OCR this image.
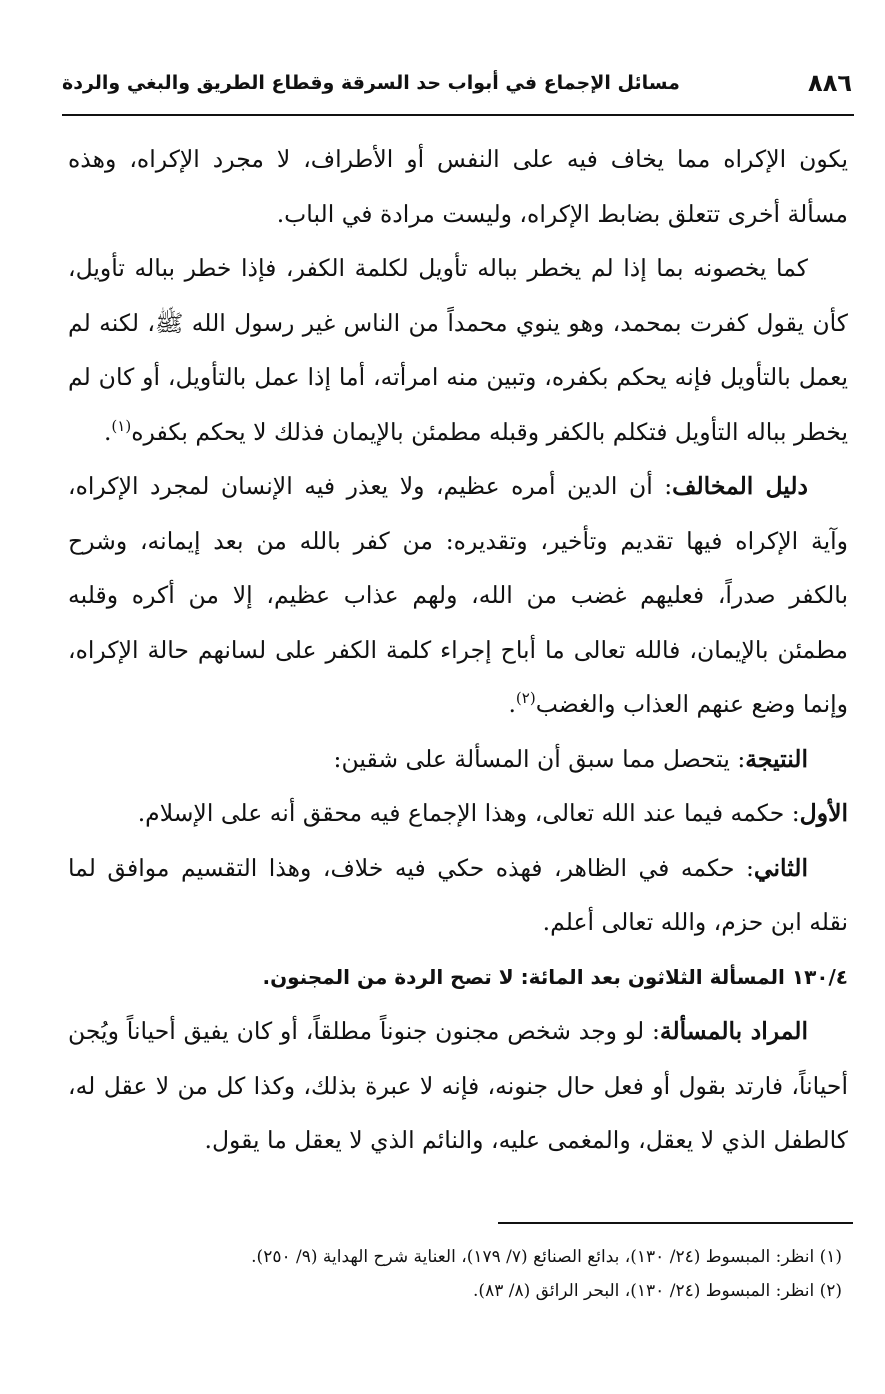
٨٨٦
مسائل الإجماع في أبواب حد السرقة وقطاع الطريق والبغي والردة

يكون الإكراه مما يخاف فيه على النفس أو الأطراف، لا مجرد الإكراه، وهذه مسألة أخرى تتعلق بضابط الإكراه، وليست مرادة في الباب.

كما يخصونه بما إذا لم يخطر بباله تأويل لكلمة الكفر، فإذا خطر بباله تأويل، كأن يقول كفرت بمحمد، وهو ينوي محمداً من الناس غير رسول الله ﷺ، لكنه لم يعمل بالتأويل فإنه يحكم بكفره، وتبين منه امرأته، أما إذا عمل بالتأويل، أو كان لم يخطر بباله التأويل فتكلم بالكفر وقبله مطمئن بالإيمان فذلك لا يحكم بكفره$^{(١)}$.

دليل المخالف: أن الدين أمره عظيم، ولا يعذر فيه الإنسان لمجرد الإكراه، وآية الإكراه فيها تقديم وتأخير، وتقديره: من كفر بالله من بعد إيمانه، وشرح بالكفر صدراً، فعليهم غضب من الله، ولهم عذاب عظيم، إلا من أكره وقلبه مطمئن بالإيمان، فالله تعالى ما أباح إجراء كلمة الكفر على لسانهم حالة الإكراه، وإنما وضع عنهم العذاب والغضب$^{(٢)}$.

النتيجة: يتحصل مما سبق أن المسألة على شقين:

الأول: حكمه فيما عند الله تعالى، وهذا الإجماع فيه محقق أنه على الإسلام.

الثاني: حكمه في الظاهر، فهذه حكي فيه خلاف، وهذا التقسيم موافق لما نقله ابن حزم، والله تعالى أعلم.

١٣٠/٤ المسألة الثلاثون بعد المائة: لا تصح الردة من المجنون.

المراد بالمسألة: لو وجد شخص مجنون جنوناً مطلقاً، أو كان يفيق أحياناً ويُجن أحياناً، فارتد بقول أو فعل حال جنونه، فإنه لا عبرة بذلك، وكذا كل من لا عقل له، كالطفل الذي لا يعقل، والمغمى عليه، والنائم الذي لا يعقل ما يقول.

(١) انظر: المبسوط (٢٤/ ١٣٠)، بدائع الصنائع (٧/ ١٧٩)، العناية شرح الهداية (٩/ ٢٥٠).

(٢) انظر: المبسوط (٢٤/ ١٣٠)، البحر الرائق (٨/ ٨٣).
